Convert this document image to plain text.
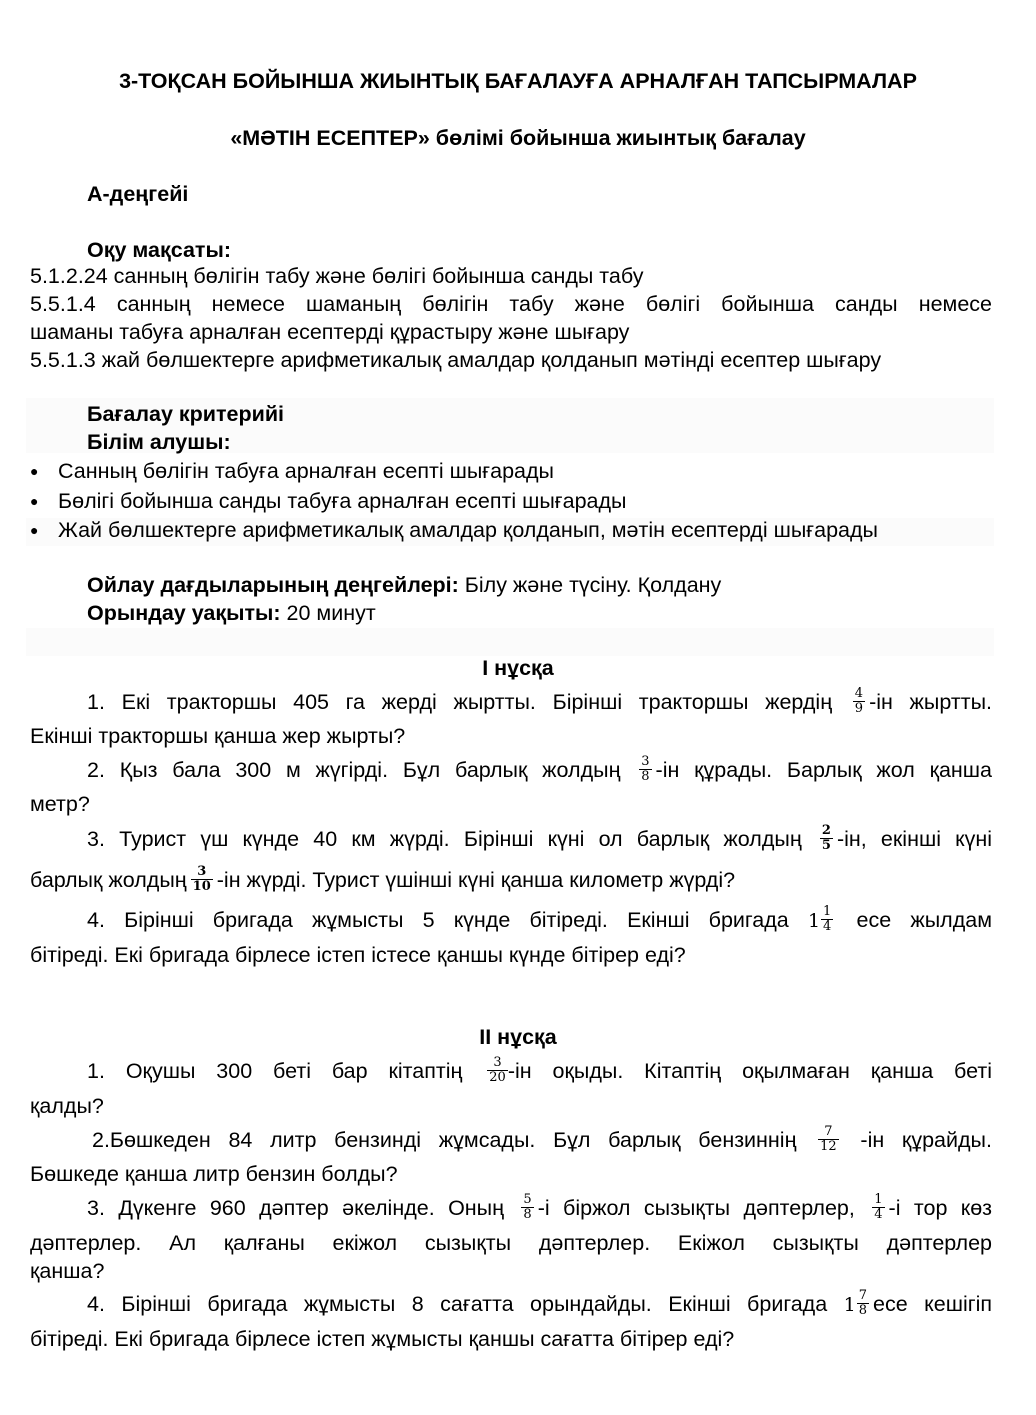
3-ТОҚСАН БОЙЫНША ЖИЫНТЫҚ БАҒАЛАУҒА АРНАЛҒАН ТАПСЫРМАЛАР
«МӘТІН ЕСЕПТЕР» бөлімі бойынша жиынтық бағалау
А-деңгейі
Оқу мақсаты:
5.1.2.24 санның бөлігін табу және бөлігі бойынша санды табу
5.5.1.4 санның немесе шаманың бөлігін табу және бөлігі бойынша санды немесе
шаманы табуға арналған есептерді құрастыру және шығару
5.5.1.3 жай бөлшектерге арифметикалық амалдар қолданып мәтінді есептер шығару
Бағалау критерийі
Білім алушы:
● Санның бөлігін табуға арналған есепті шығарады
● Бөлігі бойынша санды табуға арналған есепті шығарады
● Жай бөлшектерге арифметикалық амалдар қолданып, мәтін есептерді шығарады
Ойлау дағдыларының деңгейлері: Білу және түсіну. Қолдану
Орындау уақыты: 20 минут
І нұсқа
1. Екі тракторшы 405 га жерді жыртты. Бірінші тракторшы жердің $\frac{4}{9} -ін$ жыртты.
Екінші тракторшы қанша жер жырты?
2. Қыз бала 300 м жүгірді. Бұл барлық жолдың $\frac{3}{8} -ін$ құрады. Барлық жол қанша
метр?
3. Турист үш күнде 40 км жүрді. Бірінші күні ол барлық жолдың $\frac{2}{5} -ін$, екінші күні
барлық жолдың $\frac{3}{10} -ін$ жүрді. Турист үшінші күні қанша километр жүрді?
4. Бірінші бригада жұмысты 5 күнде бітіреді. Екінші бригада $1 \frac{1}{4}$ есе жылдам
бітіреді. Екі бригада бірлесе істеп істесе қаншы күнде бітірер еді?
ІІ нұсқа
1. Оқушы 300 беті бар кітаптің $\frac{3}{20} -ін$ оқыды. Кітаптің оқылмаған қанша беті
қалды?
2.Бөшкеден 84 литр бензинді жұмсады. Бұл барлық бензиннің $\frac{7}{12} -ін$ құрайды.
Бөшкеде қанша литр бензин болды?
3. Дүкенге 960 дәптер әкелінде. Оның $\frac{5}{8} -і$ біржол сызықты дәптерлер, $\frac{1}{4} -і$ тор көз
дәптерлер. Ал қалғаны екіжол сызықты дәптерлер. Екіжол сызықты дәптерлер
қанша?
4. Бірінші бригада жұмысты 8 сағатта орындайды. Екінші бригада $1 \frac{7}{8}$ есе кешігіп
бітіреді. Екі бригада бірлесе істеп жұмысты қаншы сағатта бітірер еді?
